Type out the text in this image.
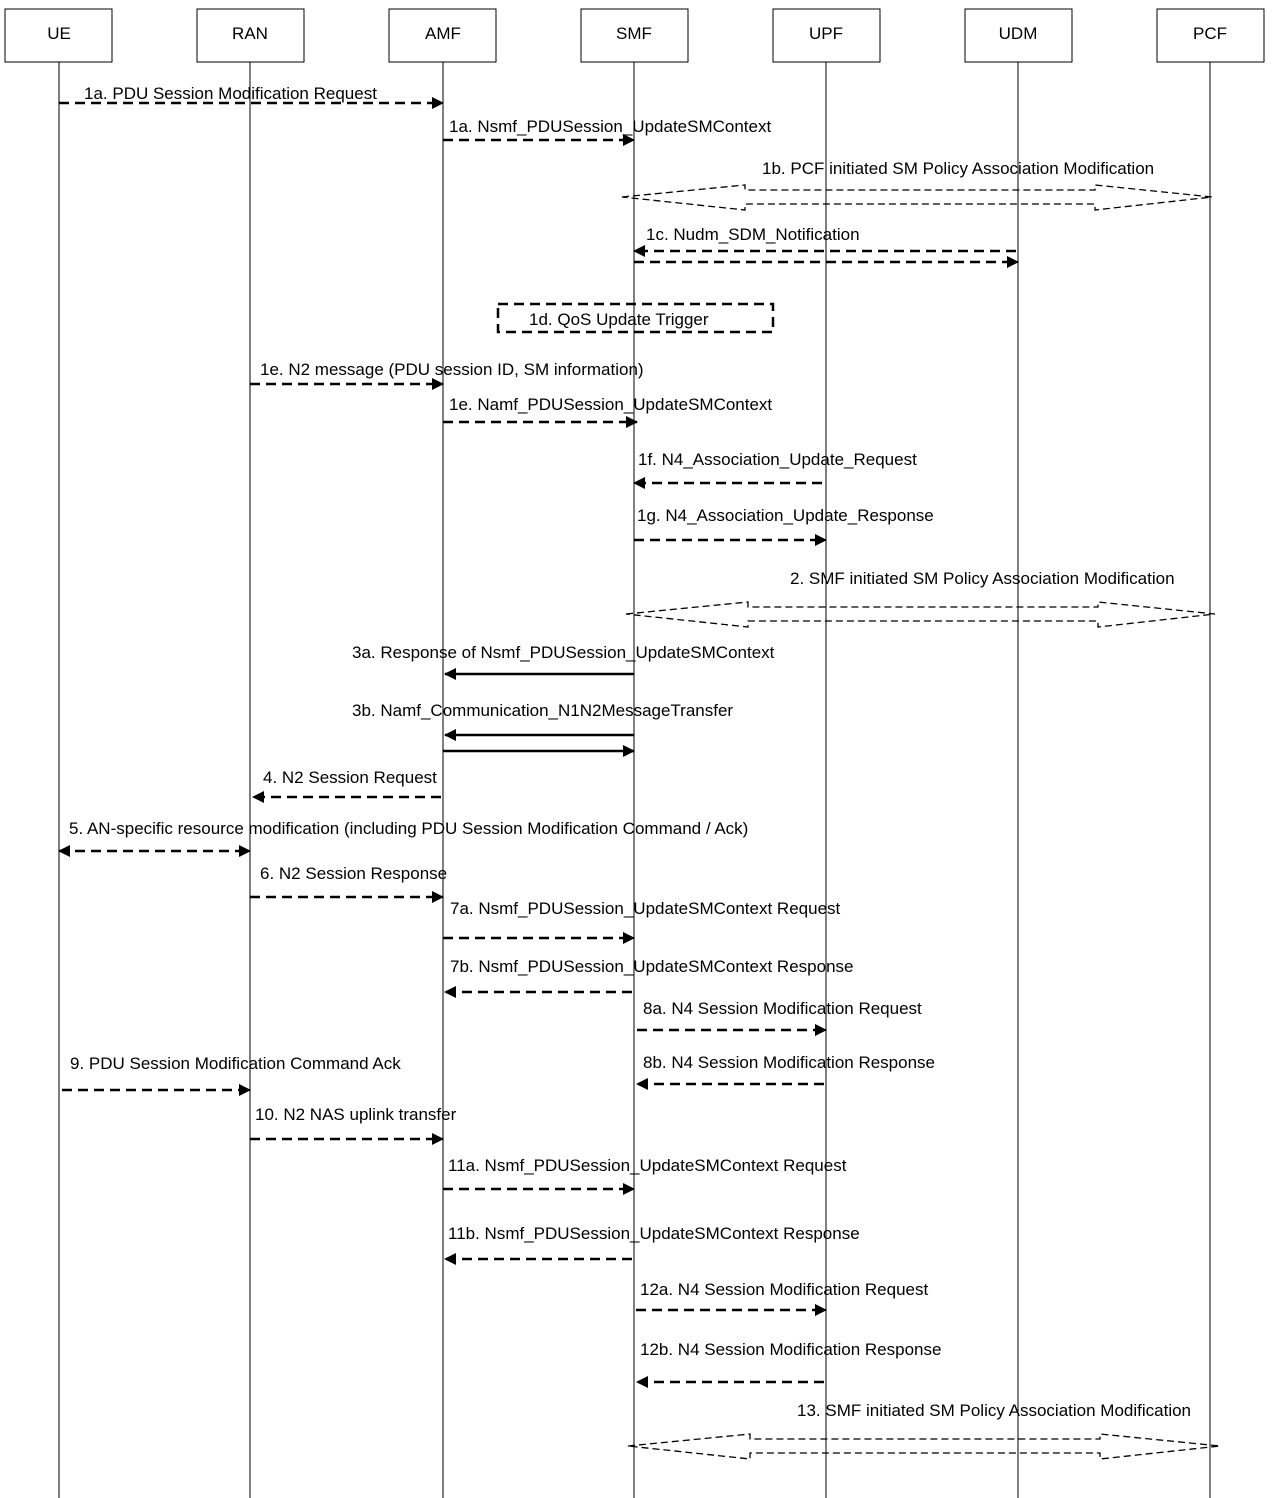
UE	RAN	AMF	SMF	UPF	UDM	PCF
1a. PDU Session Modification Request
1a. Nsmf_PDUSession_UpdateSMContext
1b. PCF initiated SM Policy Association Modification
1c. Nudm_SDM_Notification
1d. QoS Update Trigger
1e. N2 message (PDU session ID, SM information)
1e. Namf_PDUSession_UpdateSMContext
1f. N4_Association_Update_Request
1g. N4_Association_Update_Response
2. SMF initiated SM Policy Association Modification
3a. Response of Nsmf_PDUSession_UpdateSMContext
3b. Namf_Communication_N1N2MessageTransfer
4. N2 Session Request
5. AN-specific resource modification (including PDU Session Modification Command / Ack)
6. N2 Session Response
7a. Nsmf_PDUSession_UpdateSMContext Request
7b. Nsmf_PDUSession_UpdateSMContext Response
8a. N4 Session Modification Request
8b. N4 Session Modification Response
9. PDU Session Modification Command Ack
10. N2 NAS uplink transfer
11a. Nsmf_PDUSession_UpdateSMContext Request
11b. Nsmf_PDUSession_UpdateSMContext Response
12a. N4 Session Modification Request
12b. N4 Session Modification Response
13. SMF initiated SM Policy Association Modification
